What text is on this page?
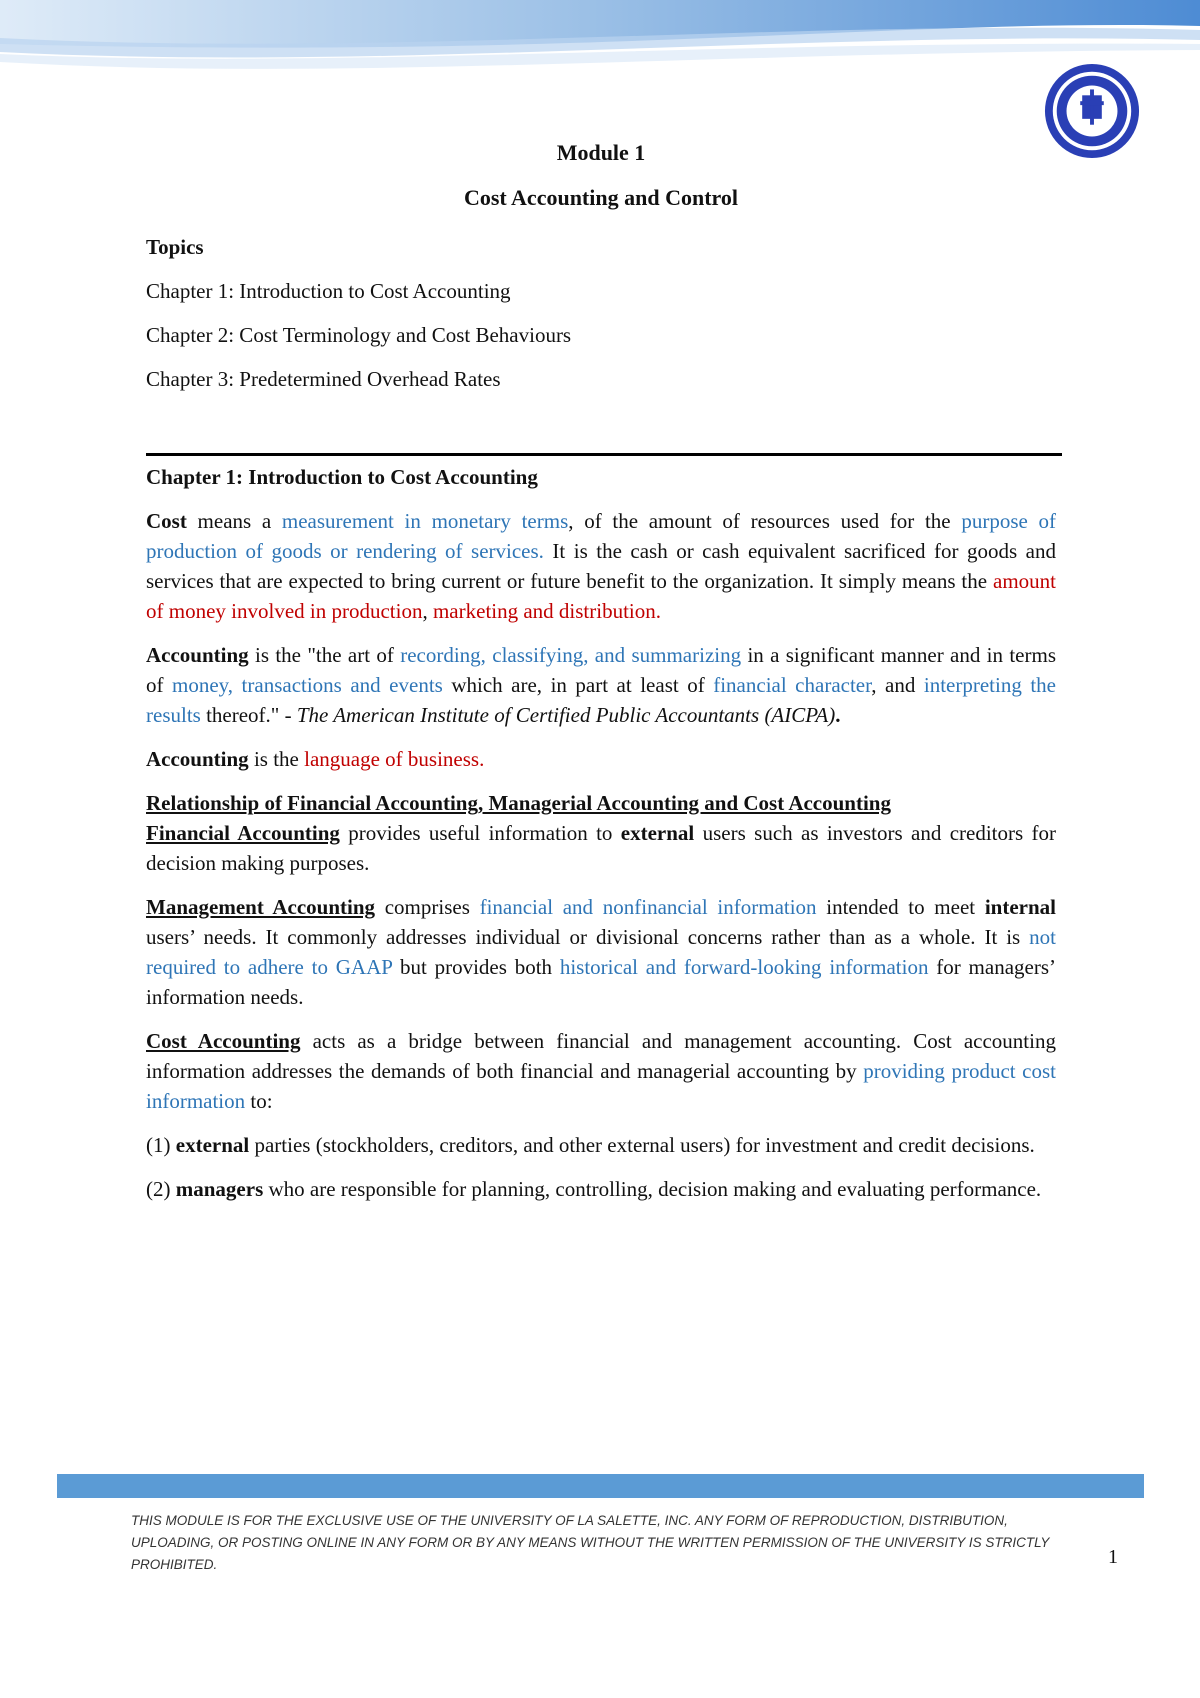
Module 1

Cost Accounting and Control

Topics

Chapter 1: Introduction to Cost Accounting

Chapter 2: Cost Terminology and Cost Behaviours

Chapter 3: Predetermined Overhead Rates

Chapter 1: Introduction to Cost Accounting

Cost means a measurement in monetary terms, of the amount of resources used for the purpose of production of goods or rendering of services. It is the cash or cash equivalent sacrificed for goods and services that are expected to bring current or future benefit to the organization. It simply means the amount of money involved in production, marketing and distribution.

Accounting is the "the art of recording, classifying, and summarizing in a significant manner and in terms of money, transactions and events which are, in part at least of financial character, and interpreting the results thereof." - The American Institute of Certified Public Accountants (AICPA).

Accounting is the language of business.

Relationship of Financial Accounting, Managerial Accounting and Cost Accounting

Financial Accounting provides useful information to external users such as investors and creditors for decision making purposes.

Management Accounting comprises financial and nonfinancial information intended to meet internal users’ needs. It commonly addresses individual or divisional concerns rather than as a whole. It is not required to adhere to GAAP but provides both historical and forward-looking information for managers’ information needs.

Cost Accounting acts as a bridge between financial and management accounting. Cost accounting information addresses the demands of both financial and managerial accounting by providing product cost information to:

(1) external parties (stockholders, creditors, and other external users) for investment and credit decisions.

(2) managers who are responsible for planning, controlling, decision making and evaluating performance.

THIS MODULE IS FOR THE EXCLUSIVE USE OF THE UNIVERSITY OF LA SALETTE, INC. ANY FORM OF REPRODUCTION, DISTRIBUTION, UPLOADING, OR POSTING ONLINE IN ANY FORM OR BY ANY MEANS WITHOUT THE WRITTEN PERMISSION OF THE UNIVERSITY IS STRICTLY PROHIBITED.	1
